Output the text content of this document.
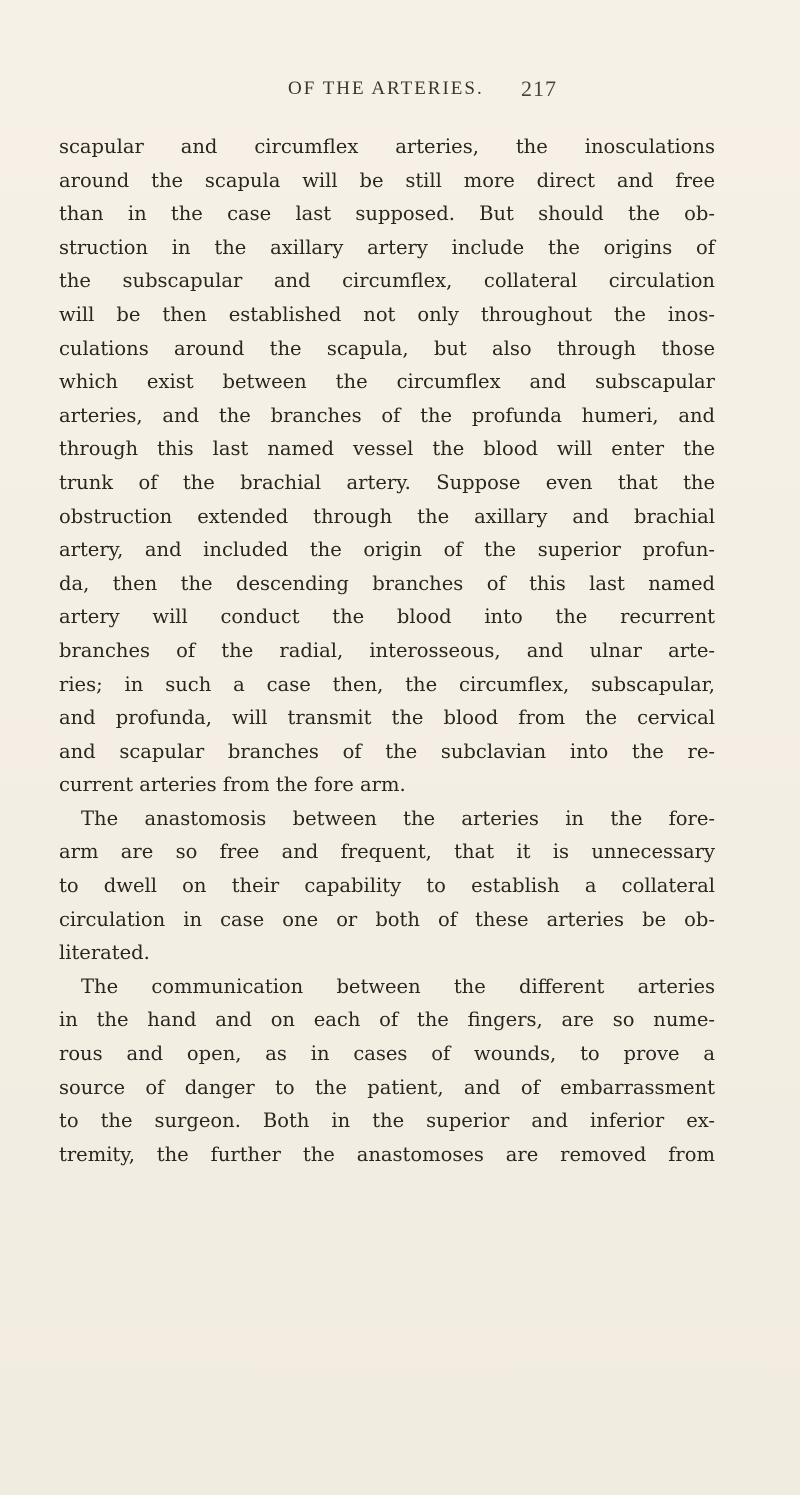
OF THE ARTERIES. 217
scapular and circumflex arteries, the inosculations
around the scapula will be still more direct and free
than in the case last supposed. But should the ob-
struction in the axillary artery include the origins of
the subscapular and circumflex, collateral circulation
will be then established not only throughout the inos-
culations around the scapula, but also through those
which exist between the circumflex and subscapular
arteries, and the branches of the profunda humeri, and
through this last named vessel the blood will enter the
trunk of the brachial artery. Suppose even that the
obstruction extended through the axillary and brachial
artery, and included the origin of the superior profun-
da, then the descending branches of this last named
artery will conduct the blood into the recurrent
branches of the radial, interosseous, and ulnar arte-
ries; in such a case then, the circumflex, subscapular,
and profunda, will transmit the blood from the cervical
and scapular branches of the subclavian into the re-
current arteries from the fore arm.
The anastomosis between the arteries in the fore-
arm are so free and frequent, that it is unnecessary
to dwell on their capability to establish a collateral
circulation in case one or both of these arteries be ob-
literated.
The communication between the different arteries
in the hand and on each of the fingers, are so nume-
rous and open, as in cases of wounds, to prove a
source of danger to the patient, and of embarrassment
to the surgeon. Both in the superior and inferior ex-
tremity, the further the anastomoses are removed from
